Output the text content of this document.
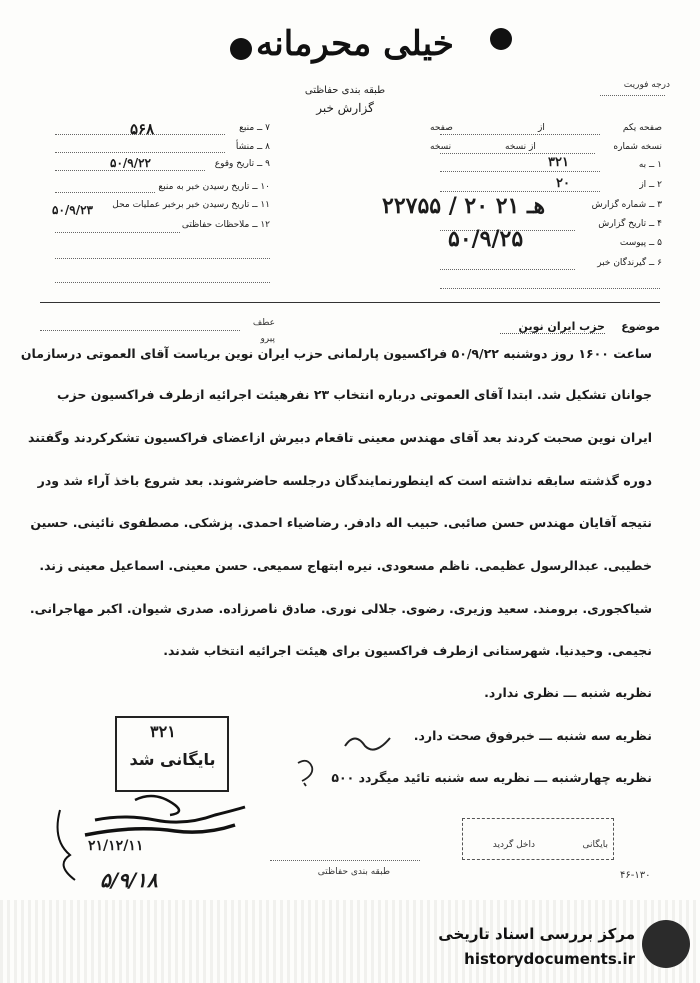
خیلی محرمانه
طبقه بندی حفاظتی
گزارش خبر
درجه فوریت
۷ ــ منبع
۵۶۸
۸ ــ منشأ
۹ ــ تاریخ وقوع
۵۰/۹/۲۲
۱۰ ــ تاریخ رسیدن خبر به منبع
۱۱ ــ تاریخ رسیدن خبر برخبر عملیات محل
۵۰/۹/۲۳
۱۲ ــ ملاحظات حفاظتی
صفحه یکم
از
صفحه
نسخه شماره
از نسخه
نسخه
۱ ــ به
۳۲۱
۲ ــ از
۲۰
۳ ــ شماره گزارش
۲۲۷۵۵ / ۲۰ هـ ۲۱
۴ ــ تاریخ گزارش
۵ ــ پیوست
۵۰/۹/۲۵
۶ ــ گیرندگان خبر
موضوع
حزب ایران نوین
عطف
پیرو
ساعت ۱۶۰۰ روز دوشنبه ۵۰/۹/۲۲ فراکسیون پارلمانی حزب ایران نوین بریاست آقای العموتی درسازمان
جوانان تشکیل شد. ابتدا آقای العموتی درباره انتخاب ۲۳ نفرهیئت اجرائیه ازطرف فراکسیون حزب
ایران نوین صحبت کردند بعد آقای مهندس معینی تاقعام دبیرش ازاعضای فراکسیون تشکرکردند وگفتند
دوره گذشته سابقه نداشته است که اینطورنمایندگان درجلسه حاضرشوند. بعد شروع باخذ آراء شد ودر
نتیجه آقایان مهندس حسن صائبی. حبیب اله دادفر. رضاضیاء احمدی. پزشکی. مصطفوی نائینی. حسین
خطیبی. عبدالرسول عظیمی. ناظم مسعودی. نیره ابتهاج سمیعی. حسن معینی. اسماعیل معینی زند.
شیاکجوری. برومند. سعید وزیری. رضوی. جلالی نوری. صادق ناصرزاده. صدری شیوان. اکبر مهاجرانی.
نجیمی. وحیدنیا. شهرستانی ازطرف فراکسیون برای هیئت اجرائیه انتخاب شدند.
نظریه شنبه ـــ نظری ندارد.
نظریه سه شنبه ـــ خبرفوق صحت دارد.
نظریه چهارشنبه ـــ نظریه سه شنبه تائید میگردد ۵۰۰
۳۲۱
بایگانی شد
۲۱/۱۲/۱۱
۵/۹/۱۸
بایگانی
داخل گردید
طبقه بندی حفاظتی	۴۶-۱۳۰
مرکز بررسی اسناد تاریخی
historydocuments.ir
